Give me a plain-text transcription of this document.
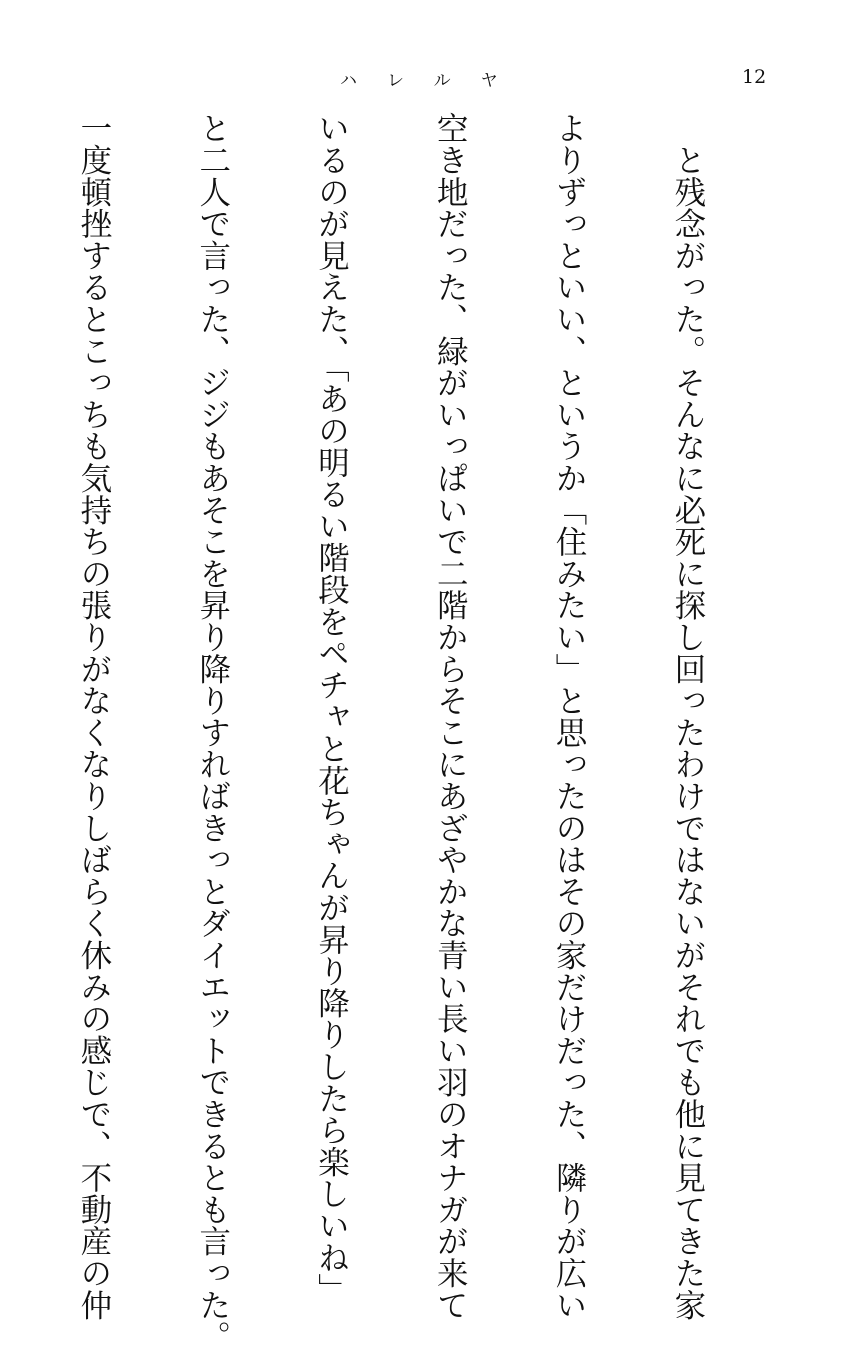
ハレルヤ	12

　と残念がった。そんなに必死に探し回ったわけではないがそれでも他に見てきた家

よりずっといい、というか「住みたい」と思ったのはその家だけだった、隣りが広い

空き地だった、緑がいっぱいで二階からそこにあざやかな青い長い羽のオナガが来て

いるのが見えた、「あの明るい階段をペチャと花ちゃんが昇り降りしたら楽しいね」

と二人で言った、ジジもあそこを昇り降りすればきっとダイエットできるとも言った。

一度頓挫するとこっちも気持ちの張りがなくなりしばらく休みの感じで、不動産の仲
